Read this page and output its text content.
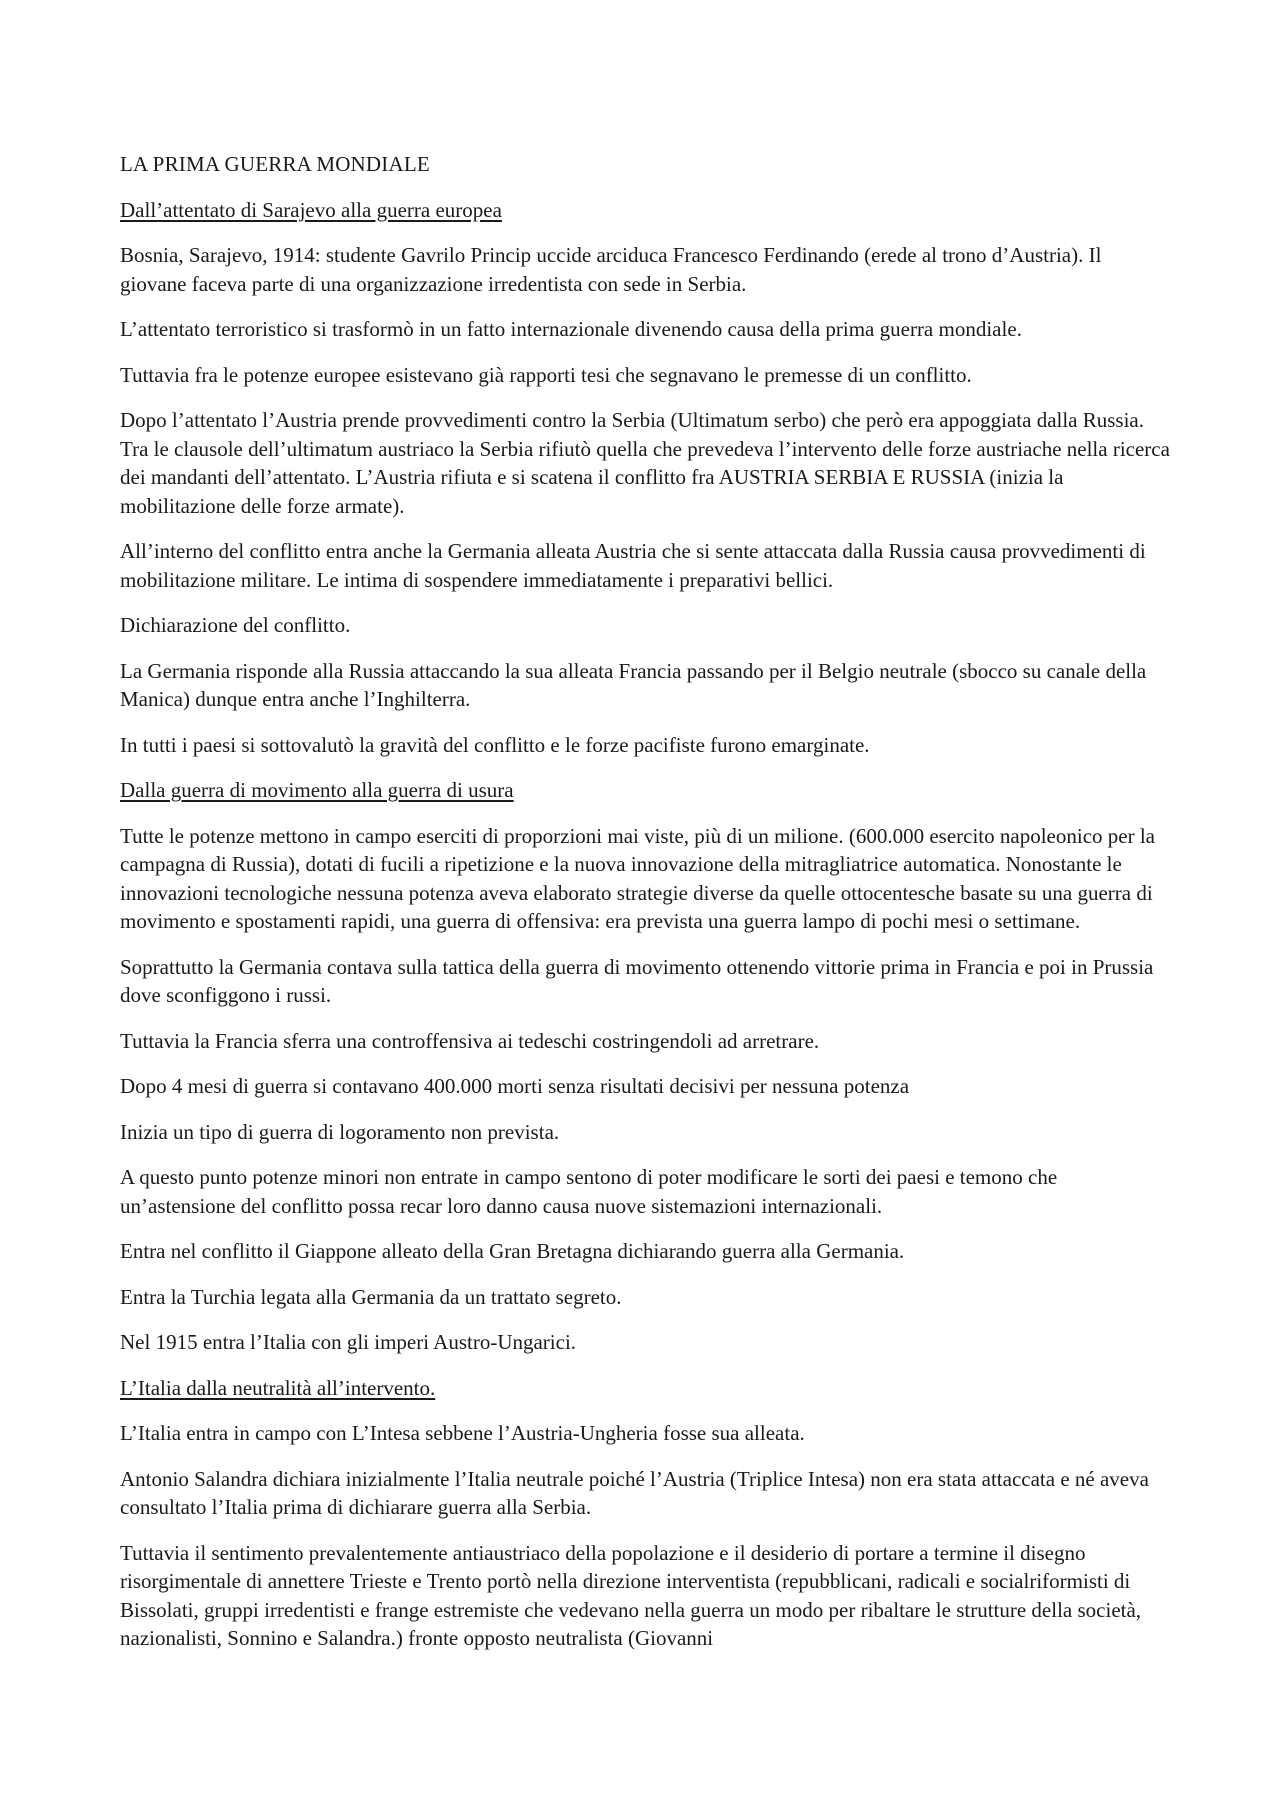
LA PRIMA GUERRA MONDIALE
Dall’attentato di Sarajevo alla guerra europea

Bosnia, Sarajevo, 1914: studente Gavrilo Princip uccide arciduca Francesco Ferdinando (erede al trono d’Austria). Il giovane faceva parte di una organizzazione irredentista con sede in Serbia.

L’attentato terroristico si trasformò in un fatto internazionale divenendo causa della prima guerra mondiale.

Tuttavia fra le potenze europee esistevano già rapporti tesi che segnavano le premesse di un conflitto.

Dopo l’attentato l’Austria prende provvedimenti contro la Serbia (Ultimatum serbo) che però era appoggiata dalla Russia. Tra le clausole dell’ultimatum austriaco la Serbia rifiutò quella che prevedeva l’intervento delle forze austriache nella ricerca dei mandanti dell’attentato. L’Austria rifiuta e si scatena il conflitto fra AUSTRIA SERBIA E RUSSIA (inizia la mobilitazione delle forze armate).

All’interno del conflitto entra anche la Germania alleata Austria che si sente attaccata dalla Russia causa provvedimenti di mobilitazione militare. Le intima di sospendere immediatamente i preparativi bellici.

Dichiarazione del conflitto.

La Germania risponde alla Russia attaccando la sua alleata Francia passando per il Belgio neutrale (sbocco su canale della Manica) dunque entra anche l’Inghilterra.

In tutti i paesi si sottovalutò la gravità del conflitto e le forze pacifiste furono emarginate.

Dalla guerra di movimento alla guerra di usura

Tutte le potenze mettono in campo eserciti di proporzioni mai viste, più di un milione. (600.000 esercito napoleonico per la campagna di Russia), dotati di fucili a ripetizione e la nuova innovazione della mitragliatrice automatica. Nonostante le innovazioni tecnologiche nessuna potenza aveva elaborato strategie diverse da quelle ottocentesche basate su una guerra di movimento e spostamenti rapidi, una guerra di offensiva: era prevista una guerra lampo di pochi mesi o settimane.

Soprattutto la Germania contava sulla tattica della guerra di movimento ottenendo vittorie prima in Francia e poi in Prussia dove sconfiggono i russi.

Tuttavia la Francia sferra una controffensiva ai tedeschi costringendoli ad arretrare.

Dopo 4 mesi di guerra si contavano 400.000 morti senza risultati decisivi per nessuna potenza

Inizia un tipo di guerra di logoramento non prevista.

A questo punto potenze minori non entrate in campo sentono di poter modificare le sorti dei paesi e temono che un’astensione del conflitto possa recar loro danno causa nuove sistemazioni internazionali.

Entra nel conflitto il Giappone alleato della Gran Bretagna dichiarando guerra alla Germania.

Entra la Turchia legata alla Germania da un trattato segreto.

Nel 1915 entra l’Italia con gli imperi Austro-Ungarici.

L’Italia dalla neutralità all’intervento.

L’Italia entra in campo con L’Intesa sebbene l’Austria-Ungheria fosse sua alleata.

Antonio Salandra dichiara inizialmente l’Italia neutrale poiché l’Austria (Triplice Intesa) non era stata attaccata e né aveva consultato l’Italia prima di dichiarare guerra alla Serbia.

Tuttavia il sentimento prevalentemente antiaustriaco della popolazione e il desiderio di portare a termine il disegno risorgimentale di annettere Trieste e Trento portò nella direzione interventista (repubblicani, radicali e socialriformisti di Bissolati, gruppi irredentisti e frange estremiste che vedevano nella guerra un modo per ribaltare le strutture della società, nazionalisti, Sonnino e Salandra.) fronte opposto neutralista (Giovanni
